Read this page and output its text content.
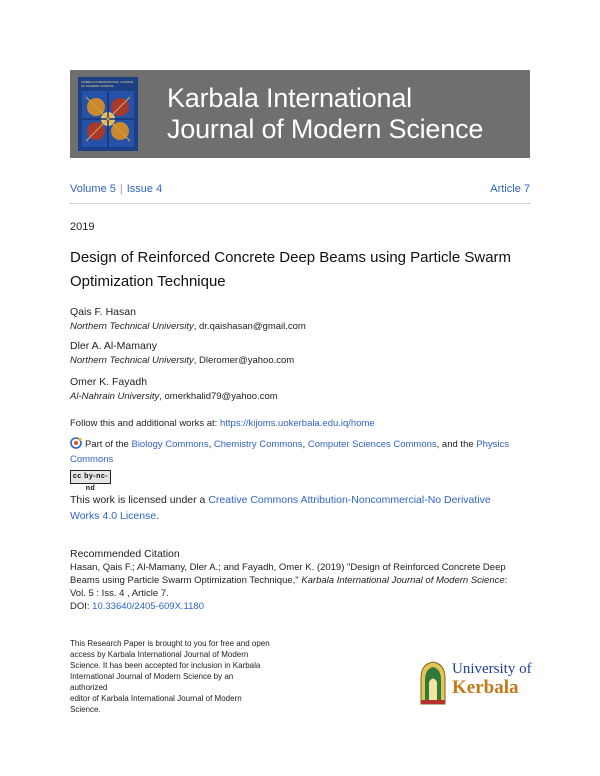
KARBALA INTERNATIONAL JOURNAL OF MODERN SCIENCE	Karbala International
Journal of Modern Science
Volume 5 | Issue 4	Article 7
2019
Design of Reinforced Concrete Deep Beams using Particle Swarm
Optimization Technique
Qais F. Hasan
Northern Technical University, dr.qaishasan@gmail.com
Dler A. Al-Mamany
Northern Technical University, Dleromer@yahoo.com
Omer K. Fayadh
Al-Nahrain University, omerkhalid79@yahoo.com
Follow this and additional works at: https://kijoms.uokerbala.edu.iq/home
Part of the Biology Commons, Chemistry Commons, Computer Sciences Commons, and the Physics
Commons
cc by-nc-nd
This work is licensed under a Creative Commons Attribution-Noncommercial-No Derivative
Works 4.0 License.
Recommended Citation
Hasan, Qais F.; Al-Mamany, Dler A.; and Fayadh, Omer K. (2019) "Design of Reinforced Concrete Deep
Beams using Particle Swarm Optimization Technique," Karbala International Journal of Modern Science:
Vol. 5 : Iss. 4 , Article 7.
DOI: 10.33640/2405-609X.1180
This Research Paper is brought to you for free and open
access by Karbala International Journal of Modern
Science. It has been accepted for inclusion in Karbala
International Journal of Modern Science by an authorized
editor of Karbala International Journal of Modern
Science.
University of
Kerbala
